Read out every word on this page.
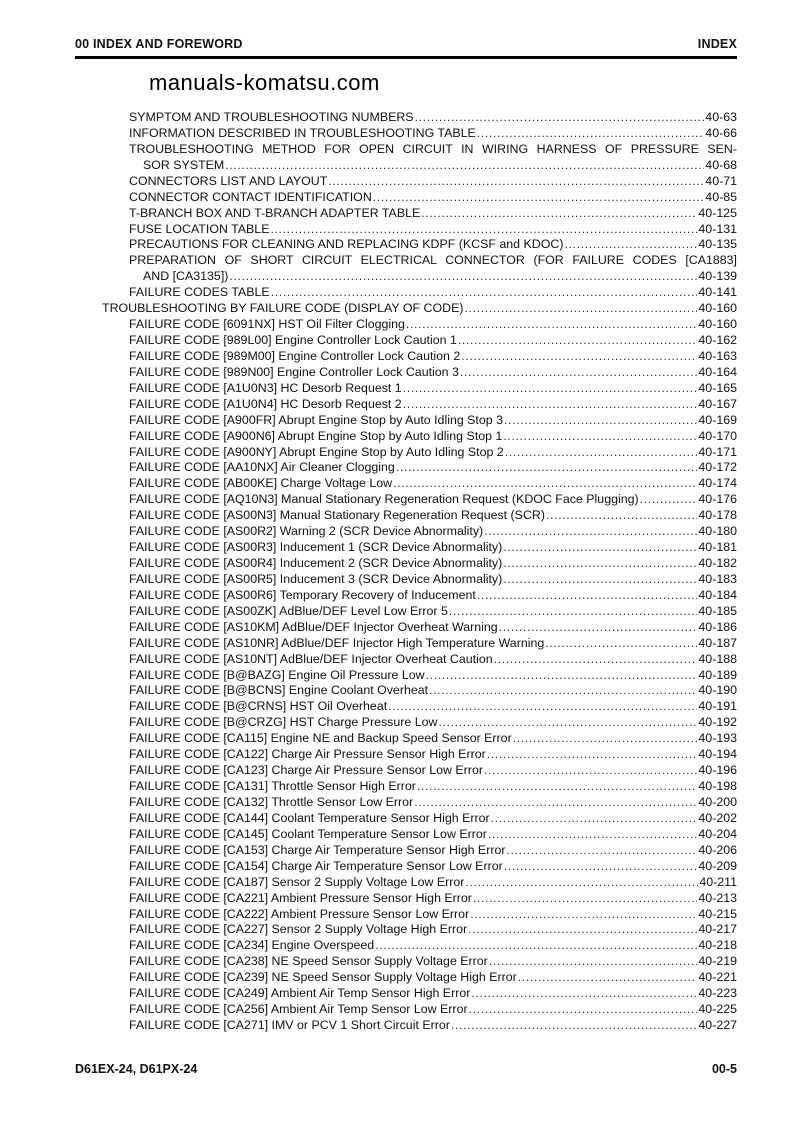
00 INDEX AND FOREWORD	INDEX
manuals-komatsu.com
SYMPTOM AND TROUBLESHOOTING NUMBERS .....	40-63
INFORMATION DESCRIBED IN TROUBLESHOOTING TABLE .....	40-66
TROUBLESHOOTING METHOD FOR OPEN CIRCUIT IN WIRING HARNESS OF PRESSURE SEN-
SOR SYSTEM .....	40-68
CONNECTORS LIST AND LAYOUT .....	40-71
CONNECTOR CONTACT IDENTIFICATION .....	40-85
T-BRANCH BOX AND T-BRANCH ADAPTER TABLE .....	40-125
FUSE LOCATION TABLE .....	40-131
PRECAUTIONS FOR CLEANING AND REPLACING KDPF (KCSF and KDOC) .....	40-135
PREPARATION OF SHORT CIRCUIT ELECTRICAL CONNECTOR (FOR FAILURE CODES [CA1883]
AND [CA3135]) .....	40-139
FAILURE CODES TABLE .....	40-141
TROUBLESHOOTING BY FAILURE CODE (DISPLAY OF CODE) .....	40-160
FAILURE CODE [6091NX] HST Oil Filter Clogging .....	40-160
FAILURE CODE [989L00] Engine Controller Lock Caution 1 .....	40-162
FAILURE CODE [989M00] Engine Controller Lock Caution 2 .....	40-163
FAILURE CODE [989N00] Engine Controller Lock Caution 3 .....	40-164
FAILURE CODE [A1U0N3] HC Desorb Request 1 .....	40-165
FAILURE CODE [A1U0N4] HC Desorb Request 2 .....	40-167
FAILURE CODE [A900FR] Abrupt Engine Stop by Auto Idling Stop 3 .....	40-169
FAILURE CODE [A900N6] Abrupt Engine Stop by Auto Idling Stop 1 .....	40-170
FAILURE CODE [A900NY] Abrupt Engine Stop by Auto Idling Stop 2 .....	40-171
FAILURE CODE [AA10NX] Air Cleaner Clogging .....	40-172
FAILURE CODE [AB00KE] Charge Voltage Low .....	40-174
FAILURE CODE [AQ10N3] Manual Stationary Regeneration Request (KDOC Face Plugging) .....	40-176
FAILURE CODE [AS00N3] Manual Stationary Regeneration Request (SCR) .....	40-178
FAILURE CODE [AS00R2] Warning 2 (SCR Device Abnormality) .....	40-180
FAILURE CODE [AS00R3] Inducement 1 (SCR Device Abnormality) .....	40-181
FAILURE CODE [AS00R4] Inducement 2 (SCR Device Abnormality) .....	40-182
FAILURE CODE [AS00R5] Inducement 3 (SCR Device Abnormality) .....	40-183
FAILURE CODE [AS00R6] Temporary Recovery of Inducement .....	40-184
FAILURE CODE [AS00ZK] AdBlue/DEF Level Low Error 5 .....	40-185
FAILURE CODE [AS10KM] AdBlue/DEF Injector Overheat Warning .....	40-186
FAILURE CODE [AS10NR] AdBlue/DEF Injector High Temperature Warning .....	40-187
FAILURE CODE [AS10NT] AdBlue/DEF Injector Overheat Caution .....	40-188
FAILURE CODE [B@BAZG] Engine Oil Pressure Low .....	40-189
FAILURE CODE [B@BCNS] Engine Coolant Overheat .....	40-190
FAILURE CODE [B@CRNS] HST Oil Overheat .....	40-191
FAILURE CODE [B@CRZG] HST Charge Pressure Low .....	40-192
FAILURE CODE [CA115] Engine NE and Backup Speed Sensor Error .....	40-193
FAILURE CODE [CA122] Charge Air Pressure Sensor High Error .....	40-194
FAILURE CODE [CA123] Charge Air Pressure Sensor Low Error .....	40-196
FAILURE CODE [CA131] Throttle Sensor High Error .....	40-198
FAILURE CODE [CA132] Throttle Sensor Low Error .....	40-200
FAILURE CODE [CA144] Coolant Temperature Sensor High Error .....	40-202
FAILURE CODE [CA145] Coolant Temperature Sensor Low Error .....	40-204
FAILURE CODE [CA153] Charge Air Temperature Sensor High Error .....	40-206
FAILURE CODE [CA154] Charge Air Temperature Sensor Low Error .....	40-209
FAILURE CODE [CA187] Sensor 2 Supply Voltage Low Error .....	40-211
FAILURE CODE [CA221] Ambient Pressure Sensor High Error .....	40-213
FAILURE CODE [CA222] Ambient Pressure Sensor Low Error .....	40-215
FAILURE CODE [CA227] Sensor 2 Supply Voltage High Error .....	40-217
FAILURE CODE [CA234] Engine Overspeed .....	40-218
FAILURE CODE [CA238] NE Speed Sensor Supply Voltage Error .....	40-219
FAILURE CODE [CA239] NE Speed Sensor Supply Voltage High Error .....	40-221
FAILURE CODE [CA249] Ambient Air Temp Sensor High Error .....	40-223
FAILURE CODE [CA256] Ambient Air Temp Sensor Low Error .....	40-225
FAILURE CODE [CA271] IMV or PCV 1 Short Circuit Error .....	40-227
D61EX-24, D61PX-24	00-5
